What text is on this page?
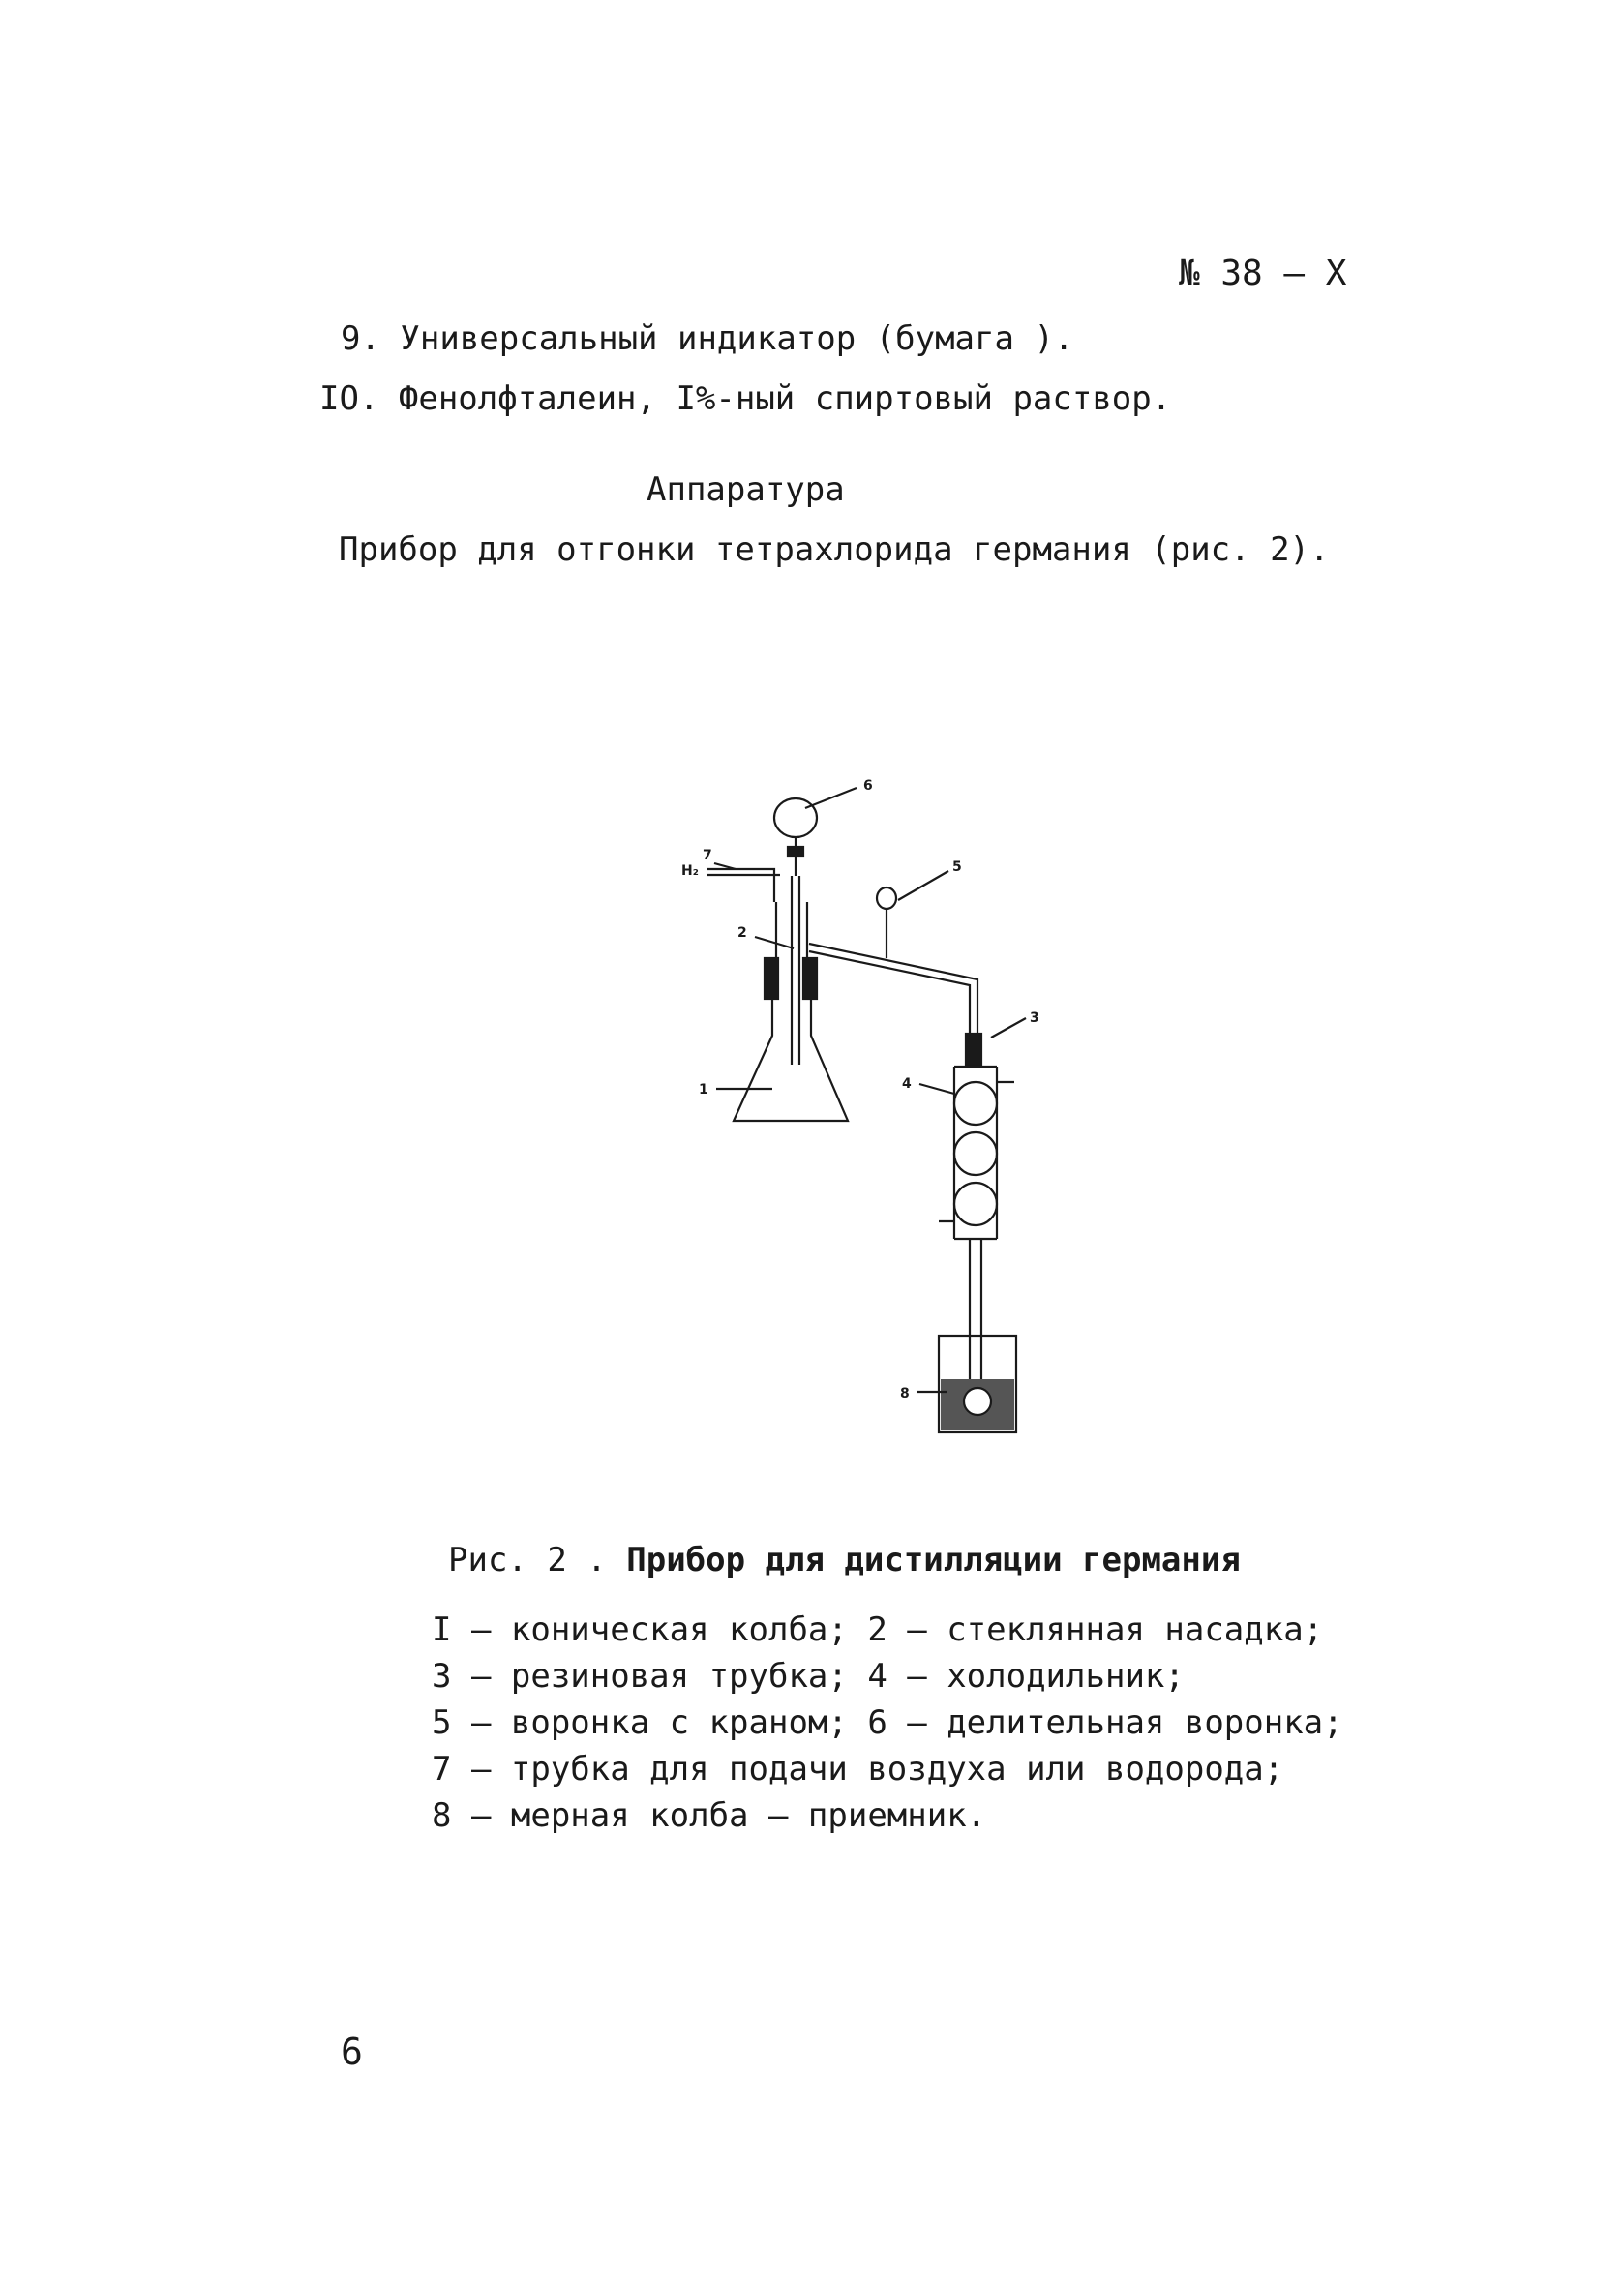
№ 38 – Х
9. Универсальный индикатор (бумага ).
IO. Фенолфталеин, I%-ный спиртовый раствор.
Аппаратура
Прибор для отгонки тетрахлорида германия (рис. 2).
1
2
3
4
5
6
7
8
H₂
Рис. 2 . Прибор для дистилляции германия
I – коническая колба; 2 – стеклянная насадка;
3 – резиновая трубка; 4 – холодильник;
5 – воронка с краном; 6 – делительная воронка;
7 – трубка для подачи воздуха или водорода;
8 – мерная колба – приемник.
6
